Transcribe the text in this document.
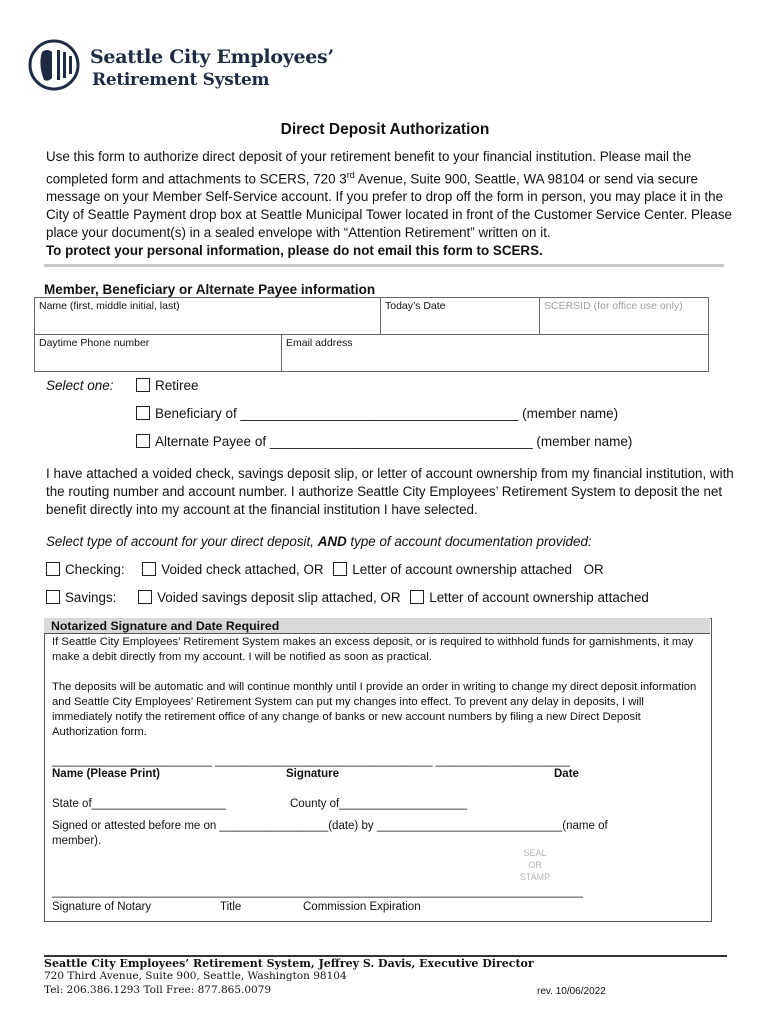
Seattle City Employees’
Retirement System
Direct Deposit Authorization
Use this form to authorize direct deposit of your retirement benefit to your financial institution. Please mail the completed form and attachments to SCERS, 720 3rd Avenue, Suite 900, Seattle, WA 98104 or send via secure message on your Member Self-Service account. If you prefer to drop off the form in person, you may place it in the City of Seattle Payment drop box at Seattle Municipal Tower located in front of the Customer Service Center. Please place your document(s) in a sealed envelope with “Attention Retirement” written on it.
To protect your personal information, please do not email this form to SCERS.
Member, Beneficiary or Alternate Payee information
Name (first, middle initial, last)		Today’s Date	SCERSID (for office use only)
Daytime Phone number	Email address		
Select one:	Retiree
Beneficiary of _____________________________________ (member name)
Alternate Payee of ___________________________________ (member name)
I have attached a voided check, savings deposit slip, or letter of account ownership from my financial institution, with the routing number and account number. I authorize Seattle City Employees’ Retirement System to deposit the net benefit directly into my account at the financial institution I have selected.
Select type of account for your direct deposit, AND type of account documentation provided:
Checking:	Voided check attached, OR Letter of account ownership attached OR
Savings:	Voided savings deposit slip attached, OR Letter of account ownership attached
Notarized Signature and Date Required
If Seattle City Employees’ Retirement System makes an excess deposit, or is required to withhold funds for garnishments, it may make a debit directly from my account. I will be notified as soon as practical.
The deposits will be automatic and will continue monthly until I provide an order in writing to change my direct deposit information and Seattle City Employees’ Retirement System can put my changes into effect. To prevent any delay in deposits, I will immediately notify the retirement office of any change of banks or new account numbers by filing a new Direct Deposit Authorization form.
_________________________ __________________________________ _____________________
Name (Please Print)	Signature	Date
State of_____________________	County of____________________
Signed or attested before me on _________________(date) by _____________________________(name of
member).
SEAL
OR
STAMP
___________________________________________________________________________________
Signature of Notary	Title	Commission Expiration
Seattle City Employees’ Retirement System, Jeffrey S. Davis, Executive Director
720 Third Avenue, Suite 900, Seattle, Washington 98104
Tel: 206.386.1293 Toll Free: 877.865.0079	rev. 10/06/2022
